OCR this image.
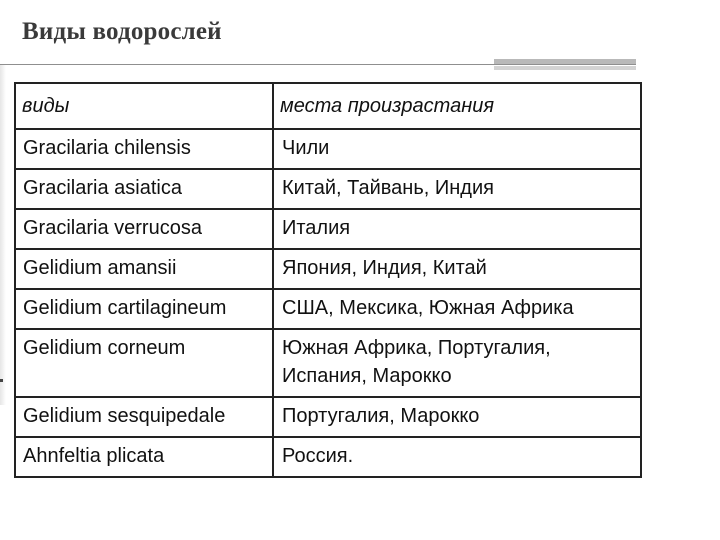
Виды водорослей
виды	места произрастания
Gracilaria chilensis	Чили
Gracilaria asiatica	Китай, Тайвань, Индия
Gracilaria verrucosa	Италия
Gelidium amansii	Япония, Индия, Китай
Gelidium cartilagineum	США, Мексика, Южная Африка
Gelidium corneum	Южная Африка, Португалия, Испания, Марокко
Gelidium sesquipedale	Португалия, Марокко
Ahnfeltia plicata	Россия.
